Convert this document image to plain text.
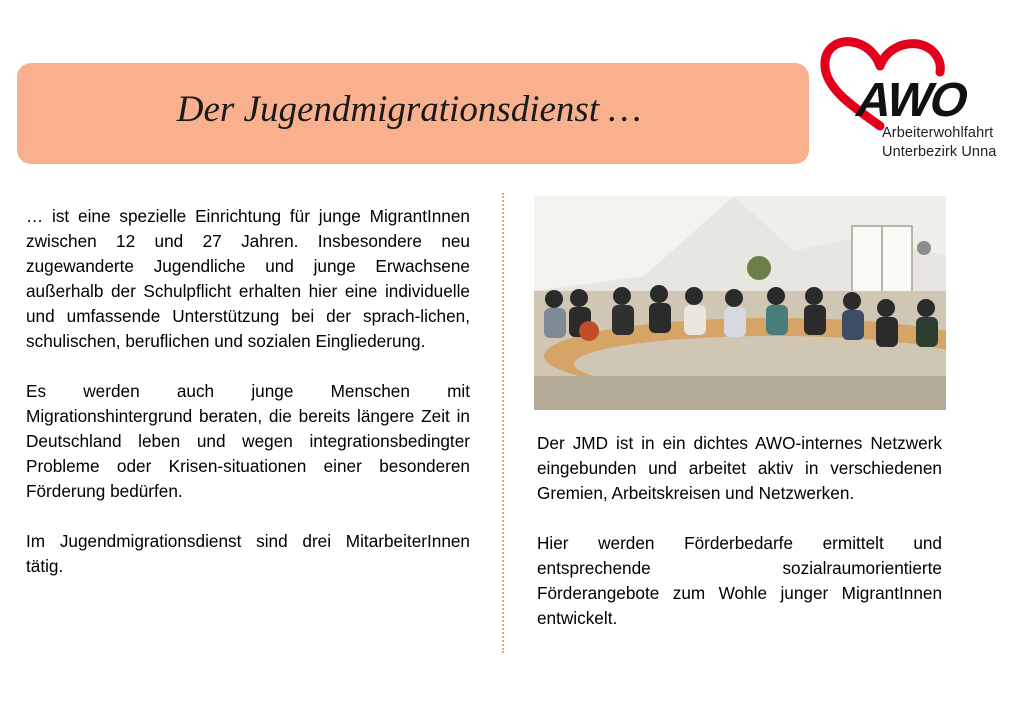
Der Jugendmigrationsdienst …	AWO
Arbeiterwohlfahrt
Unterbezirk Unna

… ist eine spezielle Einrichtung für junge MigrantInnen zwischen 12 und 27 Jahren. Insbesondere neu zugewanderte Jugendliche und junge Erwachsene außerhalb der Schulpflicht erhalten hier eine individuelle und umfassende Unterstützung bei der sprach-lichen, schulischen, beruflichen und sozialen Eingliederung.

Es werden auch junge Menschen mit Migrationshintergrund beraten, die bereits längere Zeit in Deutschland leben und wegen integrationsbedingter Probleme oder Krisen-situationen einer besonderen Förderung bedürfen.

Im Jugendmigrationsdienst sind drei MitarbeiterInnen tätig.

Der JMD ist in ein dichtes AWO-internes Netzwerk eingebunden und arbeitet aktiv in verschiedenen Gremien, Arbeitskreisen und Netzwerken.

Hier werden Förderbedarfe ermittelt und entsprechende sozialraumorientierte Förderangebote zum Wohle junger MigrantInnen entwickelt.
